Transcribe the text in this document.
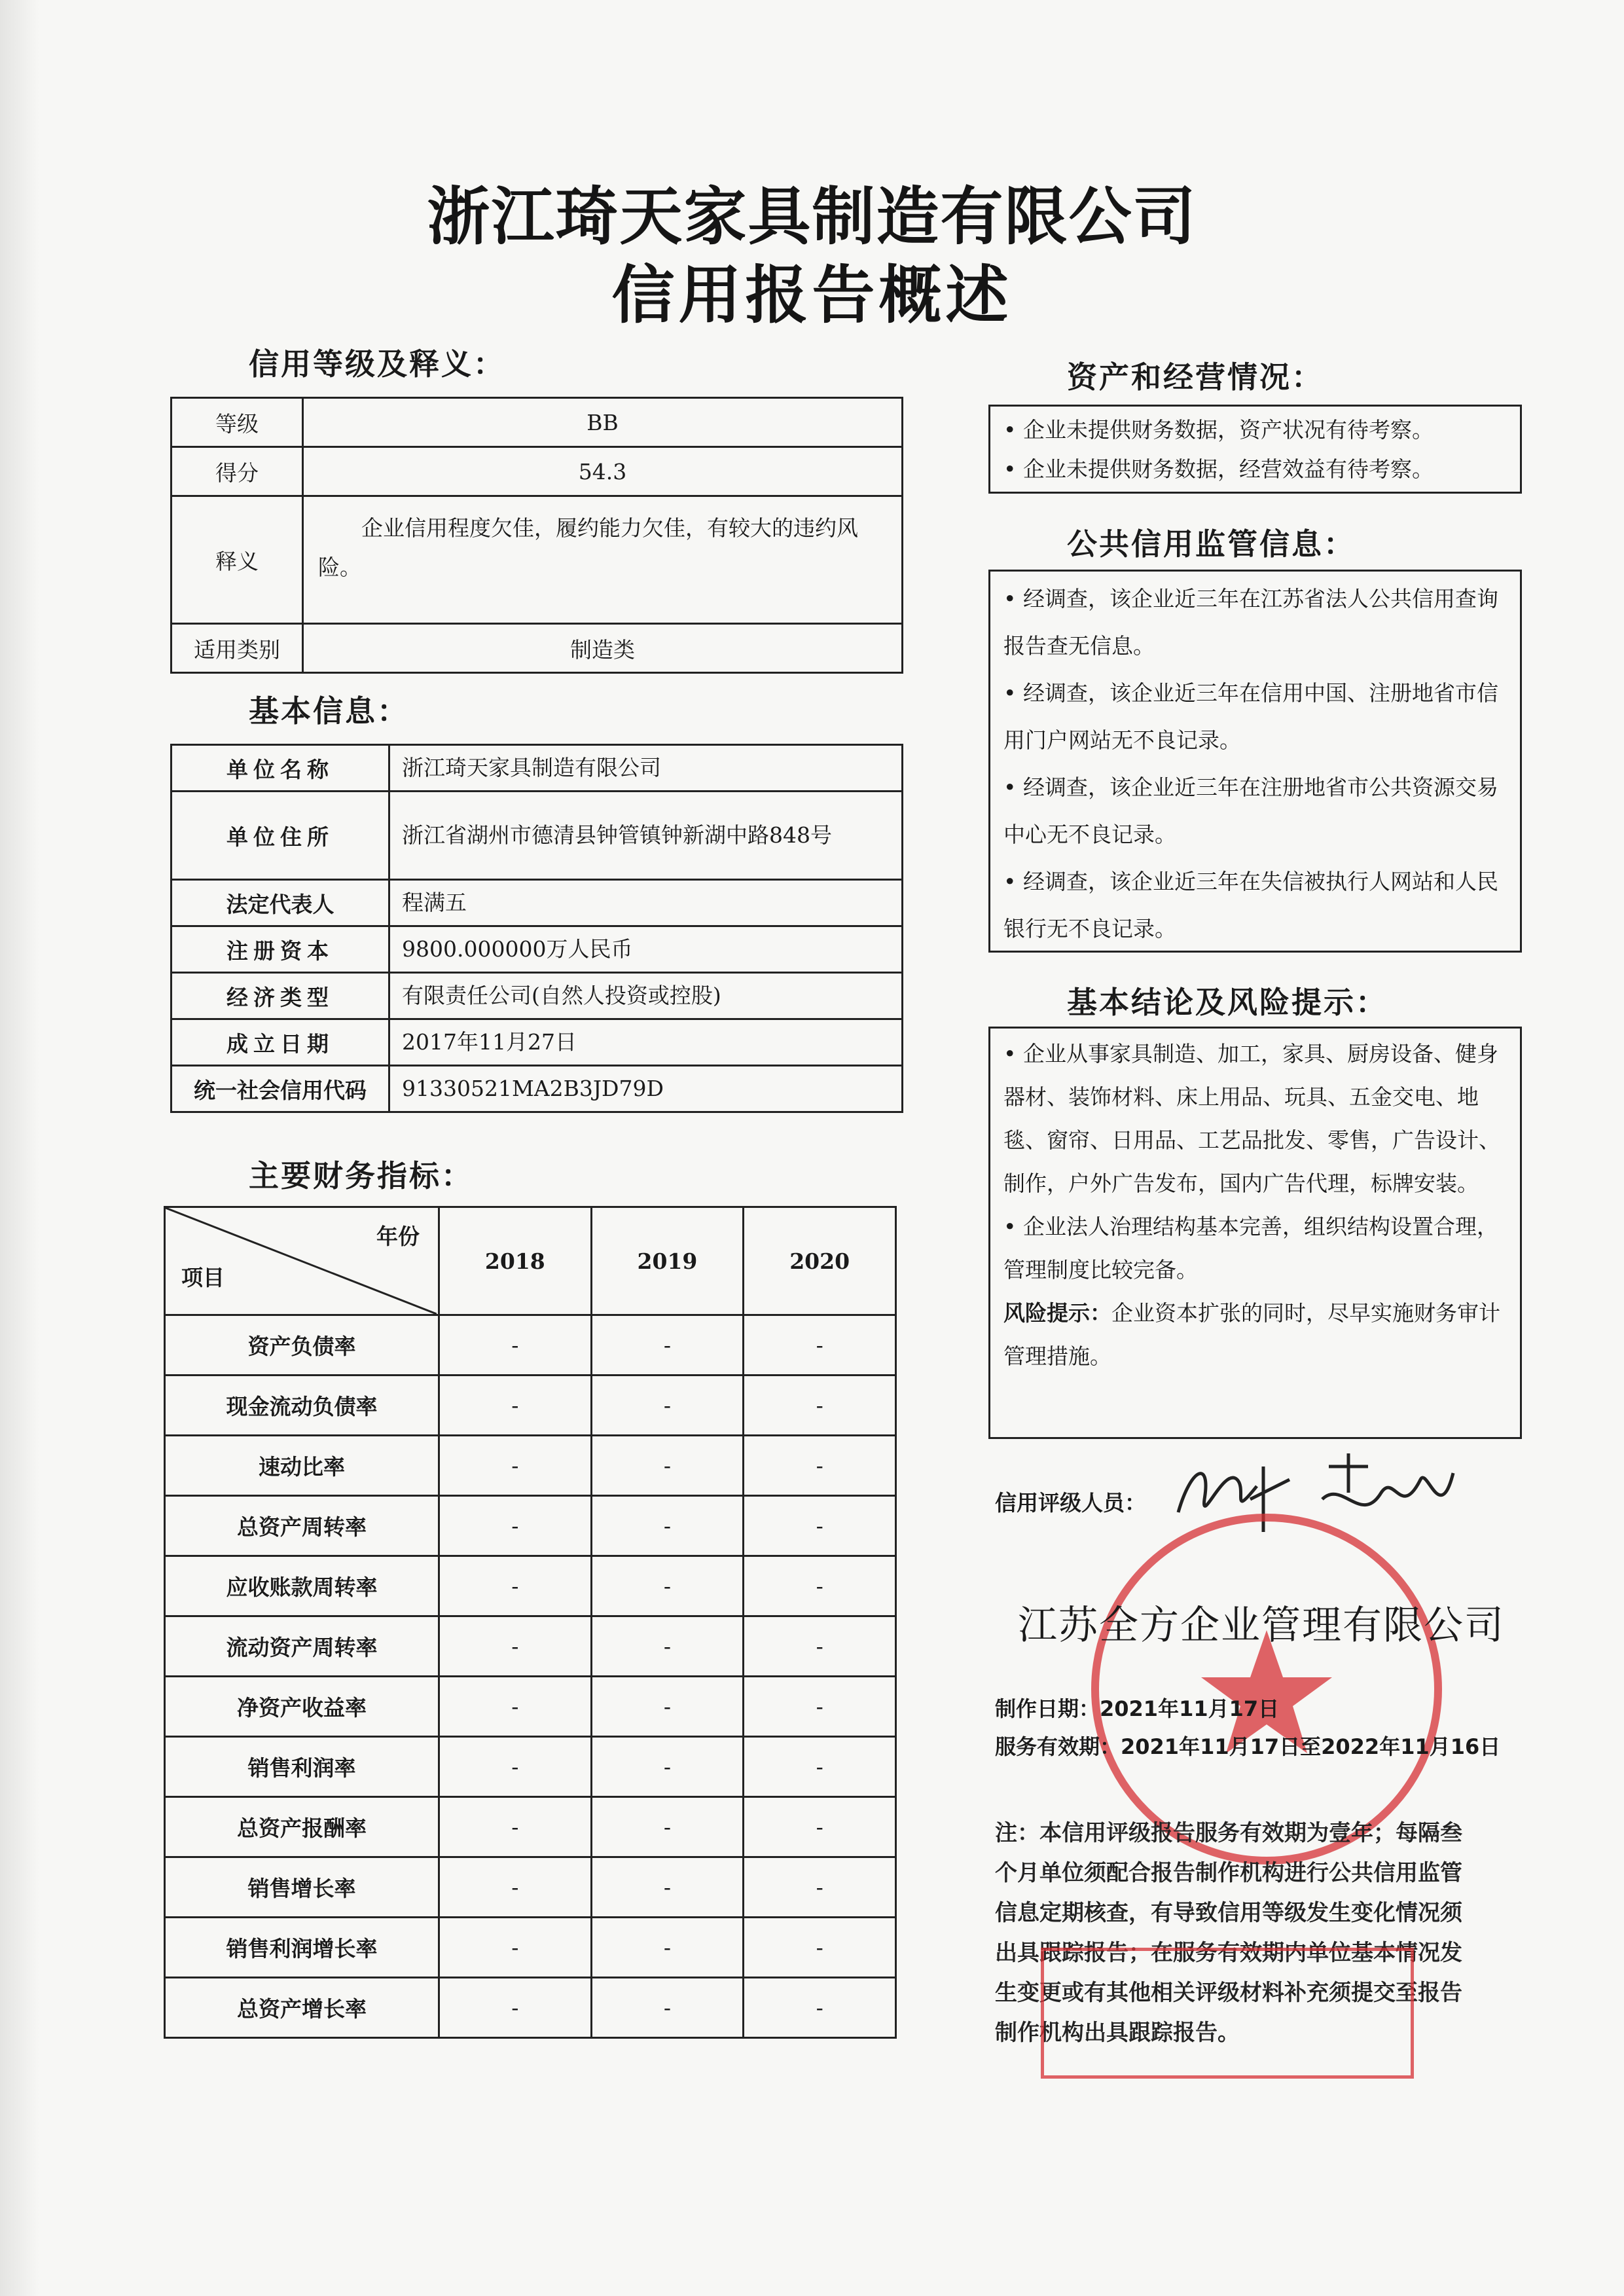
浙江琦天家具制造有限公司
信用报告概述
信用等级及释义：
等级	BB
得分	54.3
释义	企业信用程度欠佳，履约能力欠佳，有较大的违约风险。
适用类别	制造类
基本信息：
单位名称	浙江琦天家具制造有限公司
单位住所	浙江省湖州市德清县钟管镇钟新湖中路848号
法定代表人	程满五
注册资本	9800.000000万人民币
经济类型	有限责任公司(自然人投资或控股)
成立日期	2017年11月27日
统一社会信用代码	91330521MA2B3JD79D
主要财务指标：
年份
项目	2018	2019	2020
资产负债率	-	-	-
现金流动负债率	-	-	-
速动比率	-	-	-
总资产周转率	-	-	-
应收账款周转率	-	-	-
流动资产周转率	-	-	-
净资产收益率	-	-	-
销售利润率	-	-	-
总资产报酬率	-	-	-
销售增长率	-	-	-
销售利润增长率	-	-	-
总资产增长率	-	-	-
资产和经营情况：

• 企业未提供财务数据，资产状况有待考察。

• 企业未提供财务数据，经营效益有待考察。

公共信用监管信息：

• 经调查，该企业近三年在江苏省法人公共信用查询报告查无信息。

• 经调查，该企业近三年在信用中国、注册地省市信用门户网站无不良记录。

• 经调查，该企业近三年在注册地省市公共资源交易中心无不良记录。

• 经调查，该企业近三年在失信被执行人网站和人民银行无不良记录。

基本结论及风险提示：

• 企业从事家具制造、加工，家具、厨房设备、健身器材、装饰材料、床上用品、玩具、五金交电、地毯、窗帘、日用品、工艺品批发、零售，广告设计、制作，户外广告发布，国内广告代理，标牌安装。

• 企业法人治理结构基本完善，组织结构设置合理，管理制度比较完备。

风险提示：企业资本扩张的同时，尽早实施财务审计管理措施。

信用评级人员：
江苏全方企业管理有限公司
制作日期：2021年11月17日
服务有效期：2021年11月17日至2022年11月16日
注：本信用评级报告服务有效期为壹年；每隔叁个月单位须配合报告制作机构进行公共信用监管信息定期核查，有导致信用等级发生变化情况须出具跟踪报告；在服务有效期内单位基本情况发生变更或有其他相关评级材料补充须提交至报告制作机构出具跟踪报告。
